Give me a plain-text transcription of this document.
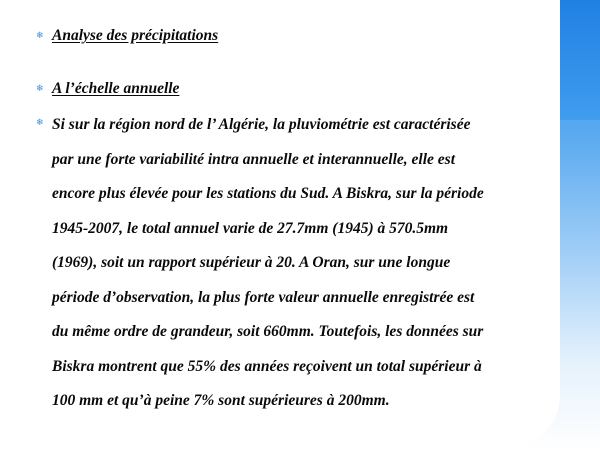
❄ Analyse des précipitations
❄ A l’échelle annuelle
❄ Si sur la région nord de l’ Algérie, la pluviométrie est caractérisée
par une forte variabilité intra annuelle et interannuelle, elle est
encore plus élevée pour les stations du Sud. A Biskra, sur la période
1945-2007, le total annuel varie de 27.7mm (1945) à 570.5mm
(1969), soit un rapport supérieur à 20. A Oran, sur une longue
période d’observation, la plus forte valeur annuelle enregistrée est
du même ordre de grandeur, soit 660mm. Toutefois, les données sur
Biskra montrent que 55% des années reçoivent un total supérieur à
100 mm et qu’à peine 7% sont supérieures à 200mm.
